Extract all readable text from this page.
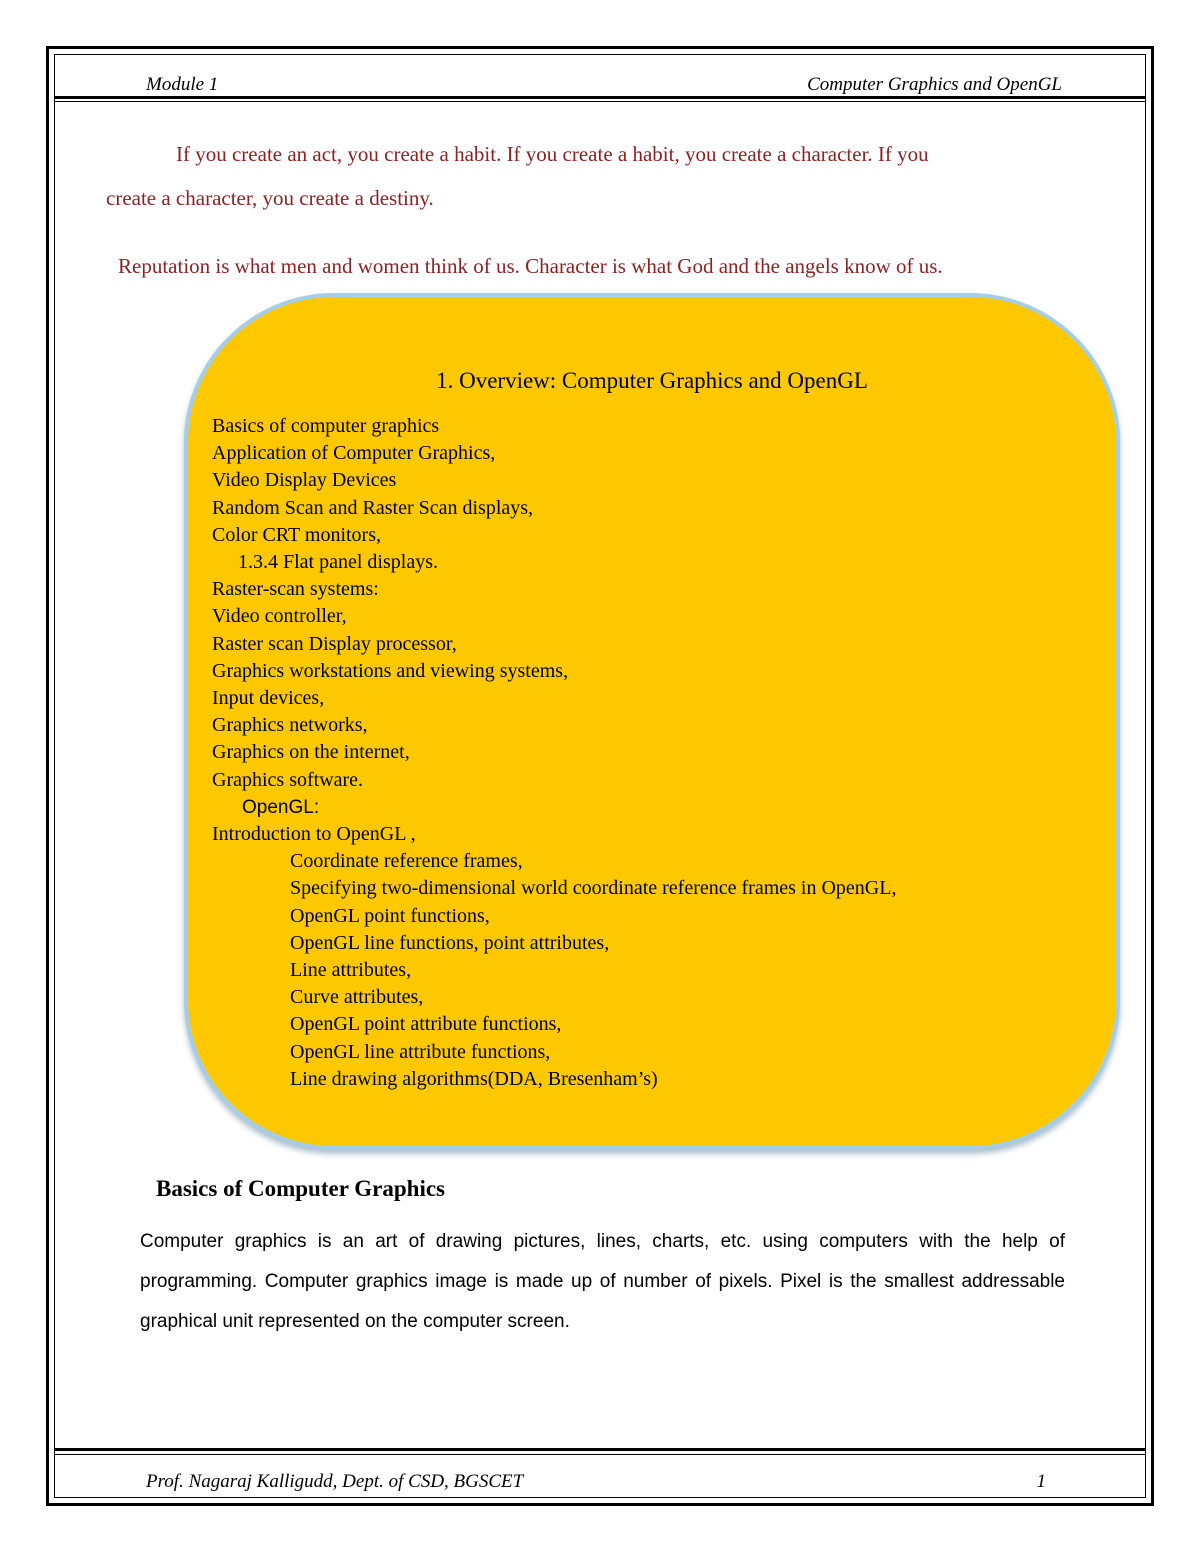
Module 1	Computer Graphics and OpenGL
If you create an act, you create a habit. If you create a habit, you create a character. If you
create a character, you create a destiny.
Reputation is what men and women think of us. Character is what God and the angels know of us.
1. Overview: Computer Graphics and OpenGL
Basics of computer graphics
Application of Computer Graphics,
Video Display Devices
Random Scan and Raster Scan displays,
Color CRT monitors,
1.3.4 Flat panel displays.
Raster-scan systems:
Video controller,
Raster scan Display processor,
Graphics workstations and viewing systems,
Input devices,
Graphics networks,
Graphics on the internet,
Graphics software.
OpenGL:
Introduction to OpenGL ,
Coordinate reference frames,
Specifying two-dimensional world coordinate reference frames in OpenGL,
OpenGL point functions,
OpenGL line functions, point attributes,
Line attributes,
Curve attributes,
OpenGL point attribute functions,
OpenGL line attribute functions,
Line drawing algorithms(DDA, Bresenham’s)
Basics of Computer Graphics
Computer graphics is an art of drawing pictures, lines, charts, etc. using computers with the help of programming. Computer graphics image is made up of number of pixels. Pixel is the smallest addressable graphical unit represented on the computer screen.
Prof. Nagaraj Kalligudd, Dept. of CSD, BGSCET	1
